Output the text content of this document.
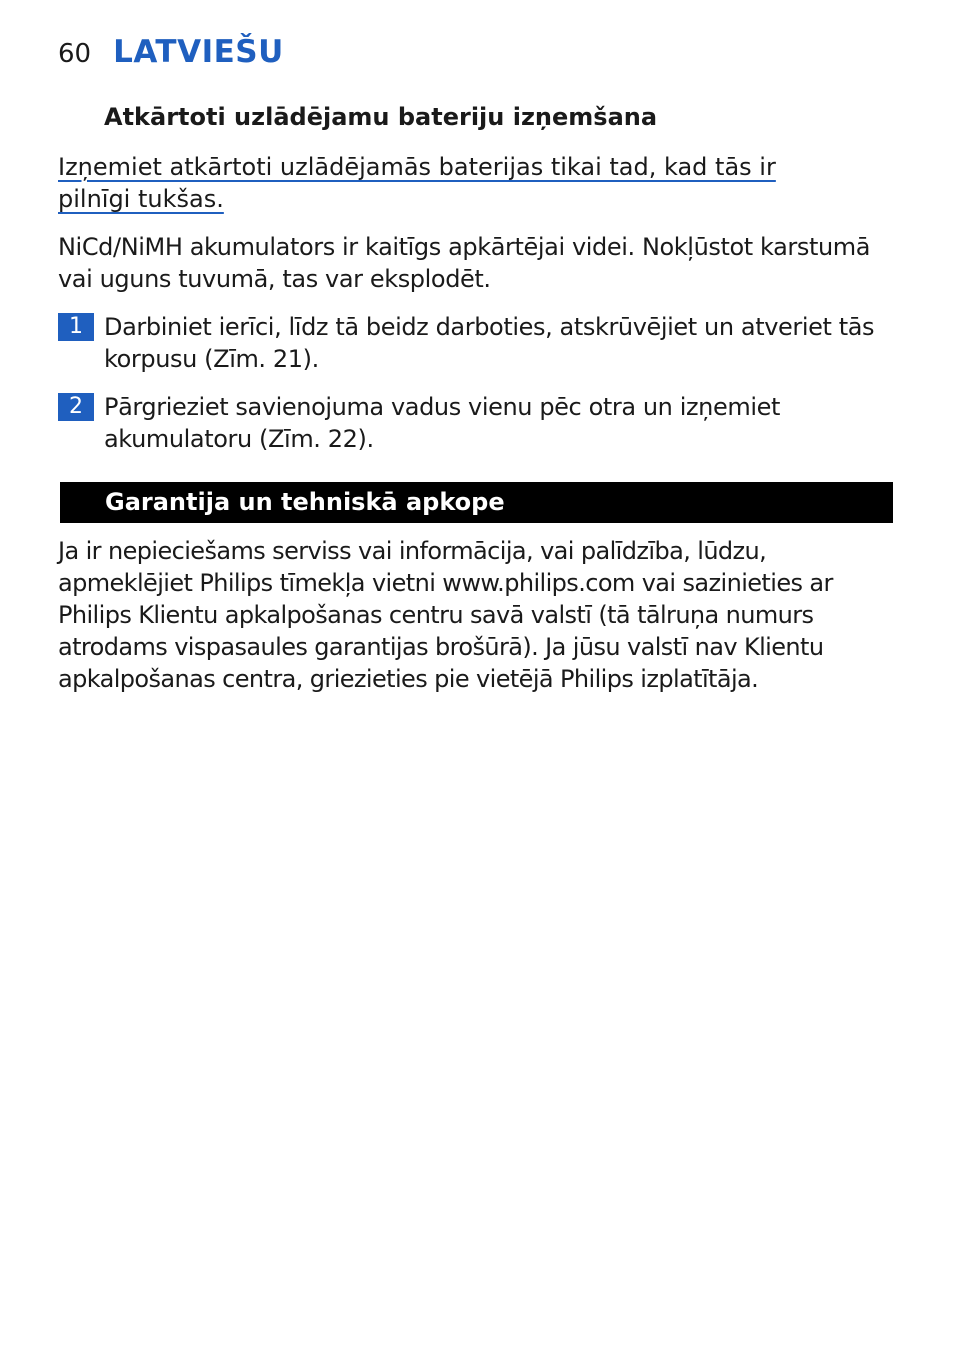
60 LATVIEŠU
Atkārtoti uzlādējamu bateriju izņemšana
Izņemiet atkārtoti uzlādējamās baterijas tikai tad, kad tās ir pilnīgi tukšas.
NiCd/NiMH akumulators ir kaitīgs apkārtējai videi. Nokļūstot karstumā vai uguns tuvumā, tas var eksplodēt.
1 Darbiniet ierīci, līdz tā beidz darboties, atskrūvējiet un atveriet tās korpusu (Zīm. 21).
2 Pārgrieziet savienojuma vadus vienu pēc otra un izņemiet akumulatoru (Zīm. 22).
Garantija un tehniskā apkope
Ja ir nepieciešams serviss vai informācija, vai palīdzība, lūdzu, apmeklējiet Philips tīmekļa vietni www.philips.com vai sazinieties ar Philips Klientu apkalpošanas centru savā valstī (tā tālruņa numurs atrodams vispasaules garantijas brošūrā). Ja jūsu valstī nav Klientu apkalpošanas centra, griezieties pie vietējā Philips izplatītāja.
